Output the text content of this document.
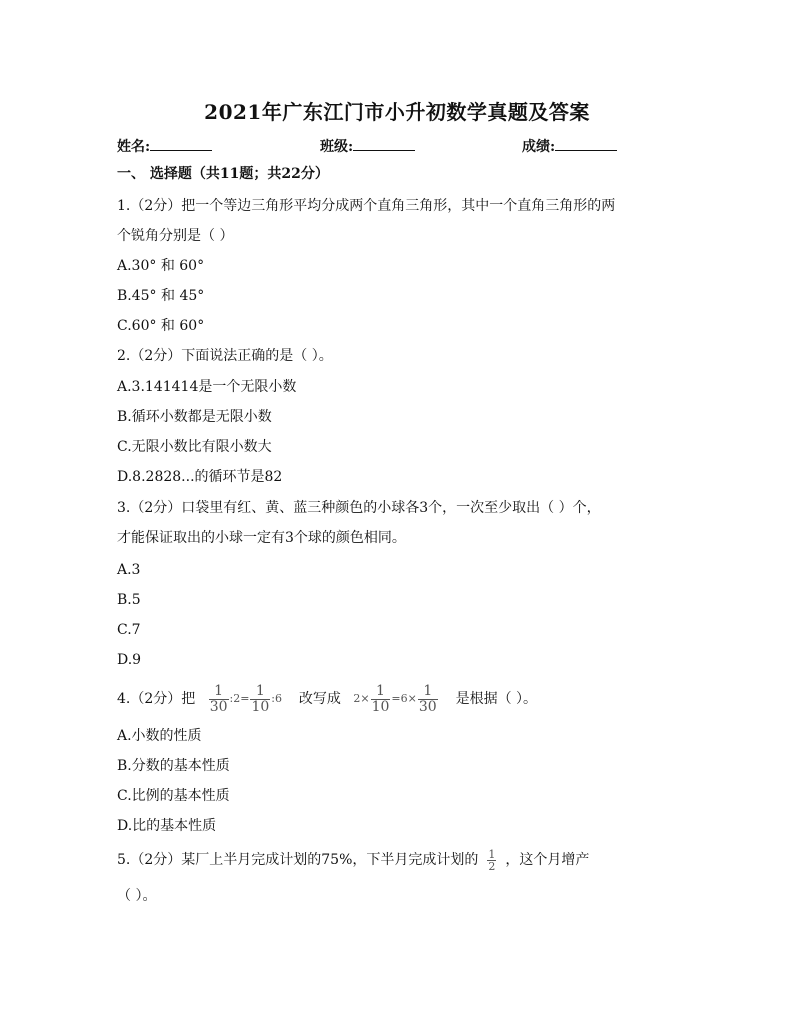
2021年广东江门市小升初数学真题及答案
姓名:	班级:	成绩:
一、 选择题（共11题；共22分）
1.（2分）把一个等边三角形平均分成两个直角三角形，其中一个直角三角形的两
个锐角分别是（ ）
A.30° 和 60°
B.45° 和 45°
C.60° 和 60°
2.（2分）下面说法正确的是（ ）。
A.3.141414是一个无限小数
B.循环小数都是无限小数
C.无限小数比有限小数大
D.8.2828...的循环节是82
3.（2分）口袋里有红、黄、蓝三种颜色的小球各3个，一次至少取出（ ）个，
才能保证取出的小球一定有3个球的颜色相同。
A.3
B.5
C.7
D.9
4.（2分）把 $\frac{1}{30}$ :2= $\frac{1}{10}$ :6 改写成 $2\times \frac{1}{10} =6\times \frac{1}{30}$ 是根据（ ）。
A.小数的性质
B.分数的基本性质
C.比例的基本性质
D.比的基本性质
5.（2分）某厂上半月完成计划的75%，下半月完成计划的 $\frac{1}{2}$ ，这个月增产
（ ）。
